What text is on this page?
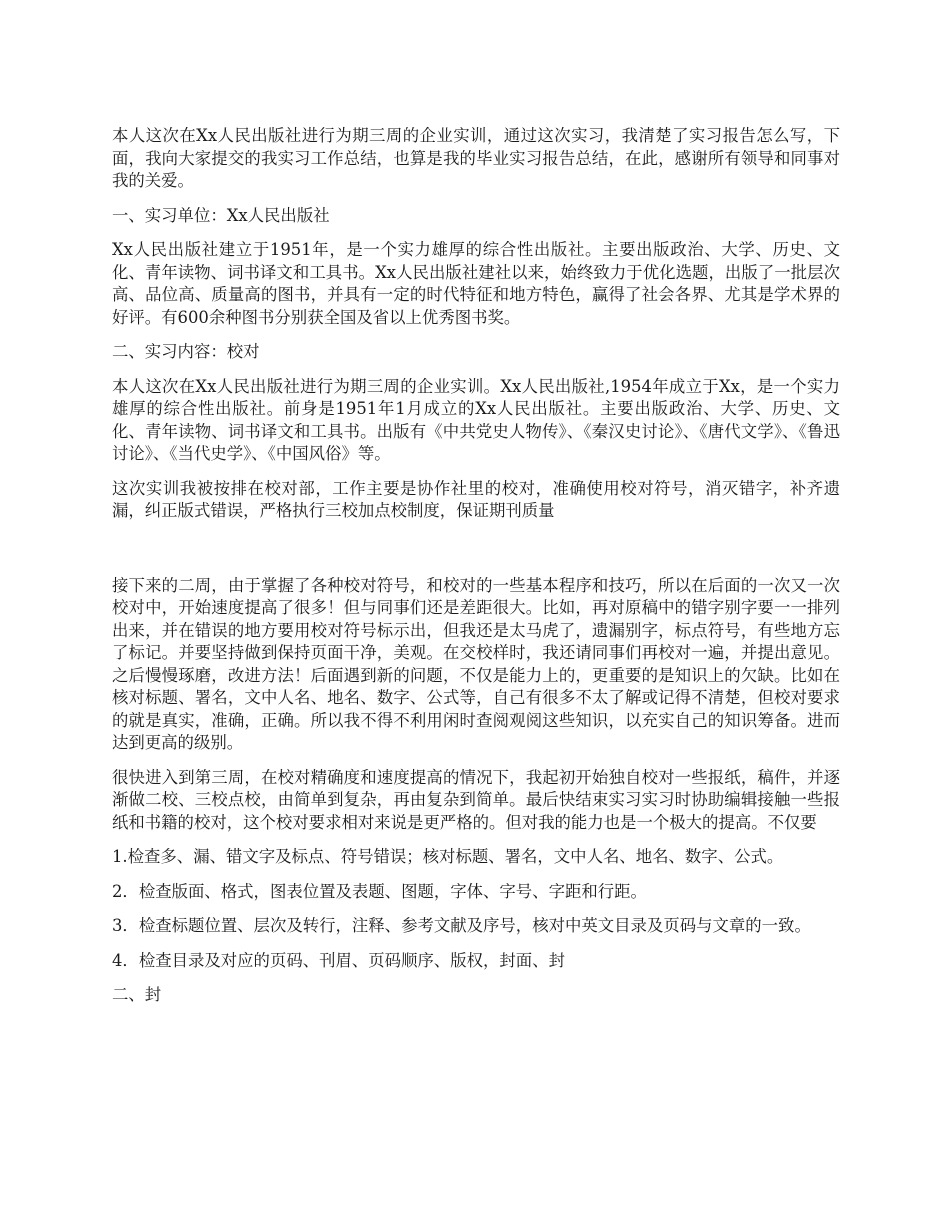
本人这次在Xx人民出版社进行为期三周的企业实训，通过这次实习，我清楚了实习报告怎么写，下面，我向大家提交的我实习工作总结，也算是我的毕业实习报告总结，在此，感谢所有领导和同事对我的关爱。

一、实习单位：Xx人民出版社

Xx人民出版社建立于1951年，是一个实力雄厚的综合性出版社。主要出版政治、大学、历史、文化、青年读物、词书译文和工具书。Xx人民出版社建社以来，始终致力于优化选题，出版了一批层次高、品位高、质量高的图书，并具有一定的时代特征和地方特色，赢得了社会各界、尤其是学术界的好评。有600余种图书分别获全国及省以上优秀图书奖。

二、实习内容：校对

本人这次在Xx人民出版社进行为期三周的企业实训。Xx人民出版社,1954年成立于Xx，是一个实力雄厚的综合性出版社。前身是1951年1月成立的Xx人民出版社。主要出版政治、大学、历史、文化、青年读物、词书译文和工具书。出版有《中共党史人物传》、《秦汉史讨论》、《唐代文学》、《鲁迅讨论》、《当代史学》、《中国风俗》等。

这次实训我被按排在校对部，工作主要是协作社里的校对，准确使用校对符号，消灭错字，补齐遗漏，纠正版式错误，严格执行三校加点校制度，保证期刊质量

接下来的二周，由于掌握了各种校对符号，和校对的一些基本程序和技巧，所以在后面的一次又一次校对中，开始速度提高了很多！但与同事们还是差距很大。比如，再对原稿中的错字别字要一一排列出来，并在错误的地方要用校对符号标示出，但我还是太马虎了，遗漏别字，标点符号，有些地方忘了标记。并要坚持做到保持页面干净，美观。在交校样时，我还请同事们再校对一遍，并提出意见。之后慢慢琢磨，改进方法！后面遇到新的问题，不仅是能力上的，更重要的是知识上的欠缺。比如在核对标题、署名，文中人名、地名、数字、公式等，自己有很多不太了解或记得不清楚，但校对要求的就是真实，准确，正确。所以我不得不利用闲时查阅观阅这些知识，以充实自己的知识筹备。进而达到更高的级别。

很快进入到第三周，在校对精确度和速度提高的情况下，我起初开始独自校对一些报纸，稿件，并逐渐做二校、三校点校，由简单到复杂，再由复杂到简单。最后快结束实习实习时协助编辑接触一些报纸和书籍的校对，这个校对要求相对来说是更严格的。但对我的能力也是一个极大的提高。不仅要

1.检查多、漏、错文字及标点、符号错误；核对标题、署名，文中人名、地名、数字、公式。

2．检查版面、格式，图表位置及表题、图题，字体、字号、字距和行距。

3．检查标题位置、层次及转行，注释、参考文献及序号，核对中英文目录及页码与文章的一致。

4．检查目录及对应的页码、刊眉、页码顺序、版权，封面、封

二、封
